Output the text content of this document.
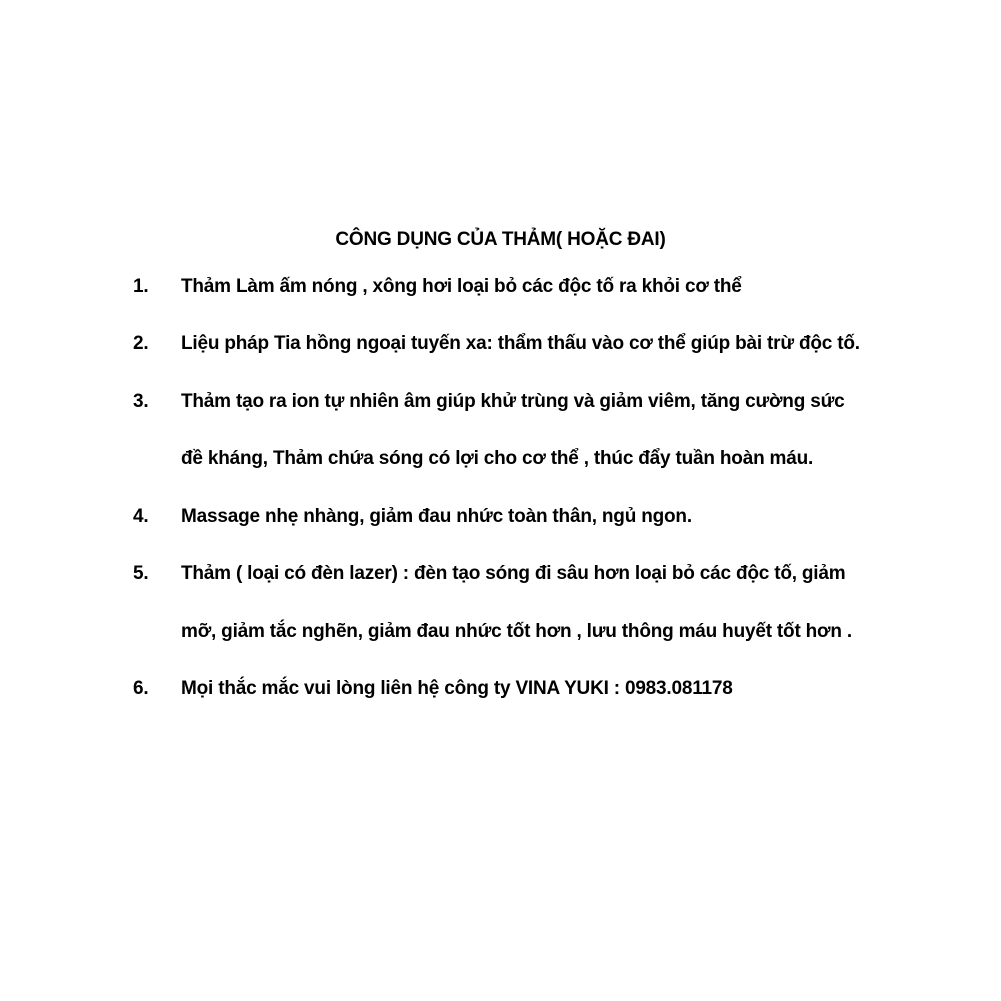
CÔNG DỤNG CỦA THẢM( HOẶC ĐAI)
1. Thảm Làm ấm nóng , xông hơi loại bỏ các độc tố ra khỏi cơ thể
2. Liệu pháp Tia hồng ngoại tuyến xa: thẩm thấu vào cơ thể giúp bài trừ độc tố.
3. Thảm tạo ra ion tự nhiên âm giúp khử trùng và giảm viêm, tăng cường sức
đề kháng, Thảm chứa sóng có lợi cho cơ thể , thúc đẩy tuần hoàn máu.
4. Massage nhẹ nhàng, giảm đau nhức toàn thân, ngủ ngon.
5. Thảm ( loại có đèn lazer) : đèn tạo sóng đi sâu hơn loại bỏ các độc tố, giảm
mỡ, giảm tắc nghẽn, giảm đau nhức tốt hơn , lưu thông máu huyết tốt hơn .
6. Mọi thắc mắc vui lòng liên hệ công ty VINA YUKI : 0983.081178
